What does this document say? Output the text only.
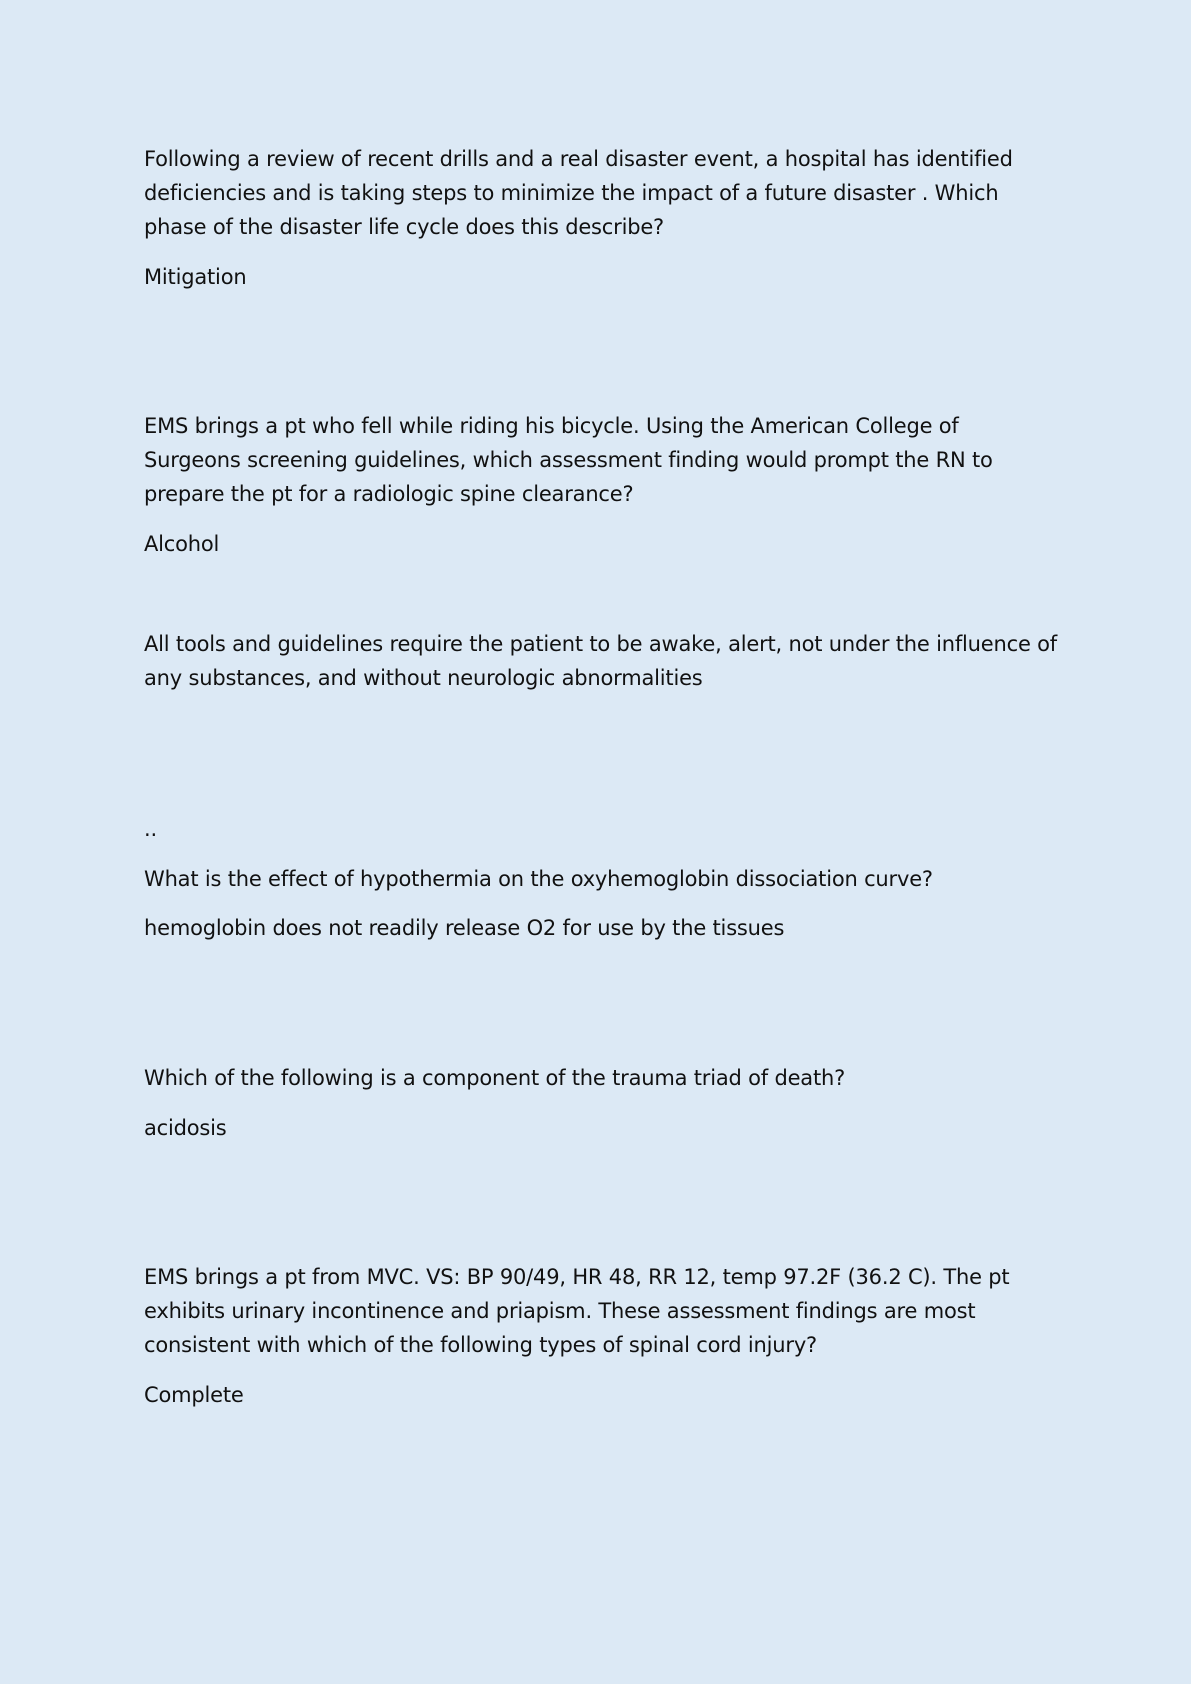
Following a review of recent drills and a real disaster event, a hospital has identified
deficiencies and is taking steps to minimize the impact of a future disaster . Which
phase of the disaster life cycle does this describe?

Mitigation

EMS brings a pt who fell while riding his bicycle. Using the American College of
Surgeons screening guidelines, which assessment finding would prompt the RN to
prepare the pt for a radiologic spine clearance?

Alcohol

All tools and guidelines require the patient to be awake, alert, not under the influence of
any substances, and without neurologic abnormalities

..

What is the effect of hypothermia on the oxyhemoglobin dissociation curve?

hemoglobin does not readily release O2 for use by the tissues

Which of the following is a component of the trauma triad of death?

acidosis

EMS brings a pt from MVC. VS: BP 90/49, HR 48, RR 12, temp 97.2F (36.2 C). The pt
exhibits urinary incontinence and priapism. These assessment findings are most
consistent with which of the following types of spinal cord injury?

Complete
